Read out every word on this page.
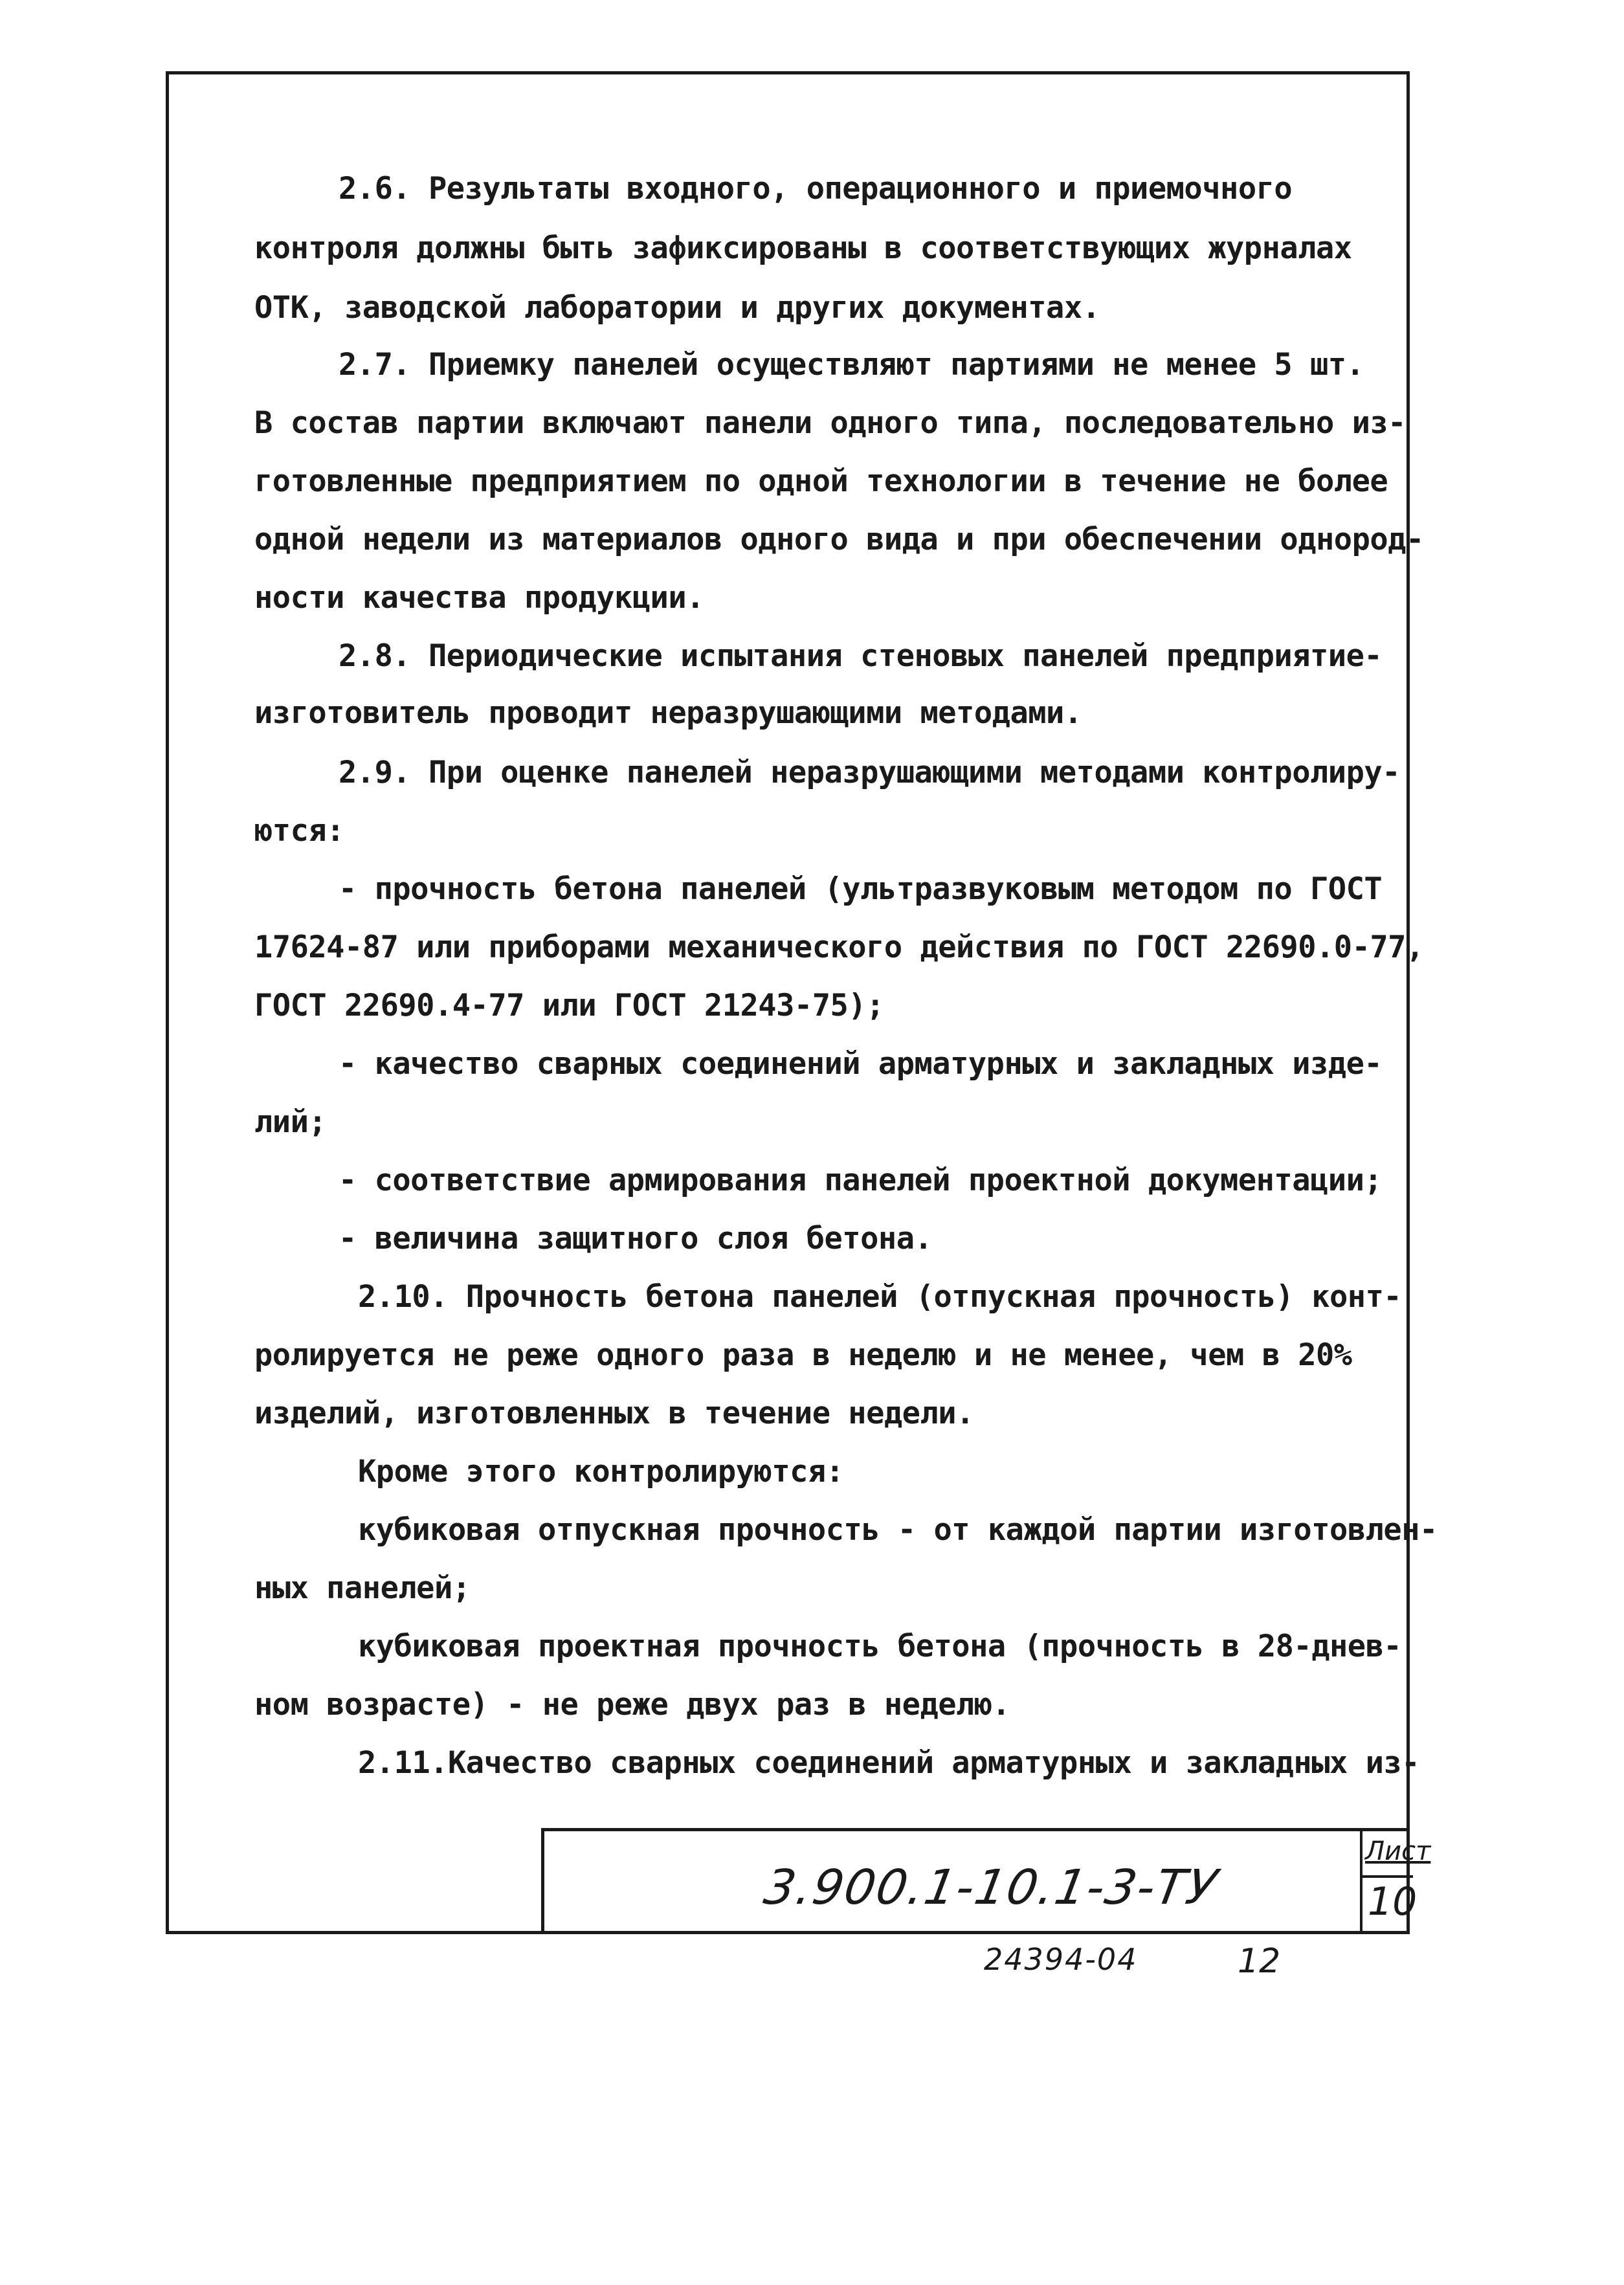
2.6. Результаты входного, операционного и приемочного
контроля должны быть зафиксированы в соответствующих журналах
ОТК, заводской лаборатории и других документах.
2.7. Приемку панелей осуществляют партиями не менее 5 шт.
В состав партии включают панели одного типа, последовательно из-
готовленные предприятием по одной технологии в течение не более
одной недели из материалов одного вида и при обеспечении однород-
ности качества продукции.
2.8. Периодические испытания стеновых панелей предприятие-
изготовитель проводит неразрушающими методами.
2.9. При оценке панелей неразрушающими методами контролиру-
ются:
- прочность бетона панелей (ультразвуковым методом по ГОСТ
17624-87 или приборами механического действия по ГОСТ 22690.0-77,
ГОСТ 22690.4-77 или ГОСТ 21243-75);
- качество сварных соединений арматурных и закладных изде-
лий;
- соответствие армирования панелей проектной документации;
- величина защитного слоя бетона.
2.10. Прочность бетона панелей (отпускная прочность) конт-
ролируется не реже одного раза в неделю и не менее, чем в 20%
изделий, изготовленных в течение недели.
Кроме этого контролируются:
кубиковая отпускная прочность - от каждой партии изготовлен-
ных панелей;
кубиковая проектная прочность бетона (прочность в 28-днев-
ном возрасте) - не реже двух раз в неделю.
2.11.Качество сварных соединений арматурных и закладных из-
3.900.1-10.1-3-ТУ
Лист
10
24394-04	12
